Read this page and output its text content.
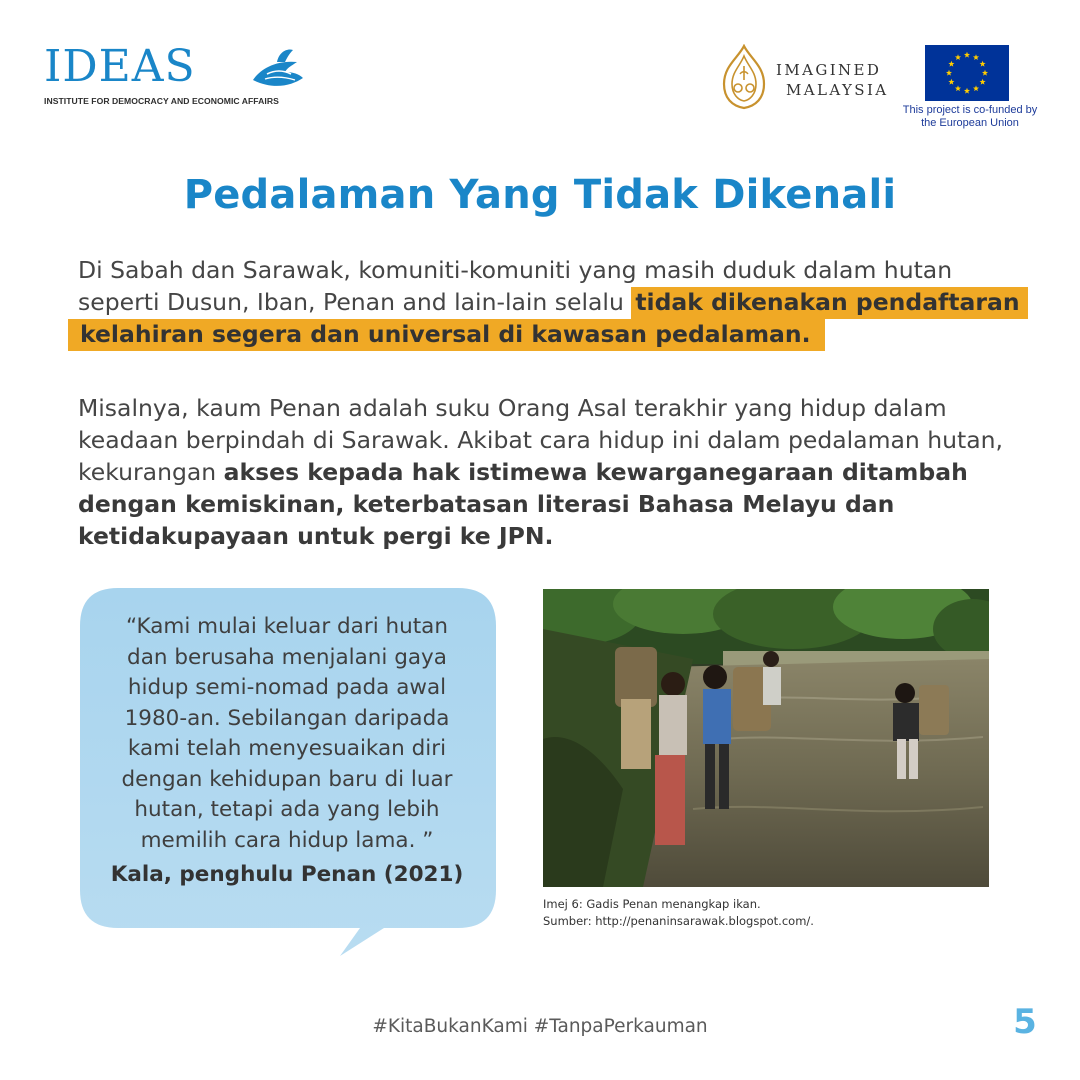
IDEAS
INSTITUTE FOR DEMOCRACY AND ECONOMIC AFFAIRS
IMAGINED
MALAYSIA
This project is co-funded by
the European Union
Pedalaman Yang Tidak Dikenali
Di Sabah dan Sarawak, komuniti-komuniti yang masih duduk dalam hutan
seperti Dusun, Iban, Penan and lain-lain selalu tidak dikenakan pendaftaran
kelahiran segera dan universal di kawasan pedalaman.
Misalnya, kaum Penan adalah suku Orang Asal terakhir yang hidup dalam
keadaan berpindah di Sarawak. Akibat cara hidup ini dalam pedalaman hutan,
kekurangan akses kepada hak istimewa kewarganegaraan ditambah
dengan kemiskinan, keterbatasan literasi Bahasa Melayu dan
ketidakupayaan untuk pergi ke JPN.
“Kami mulai keluar dari hutan
dan berusaha menjalani gaya
hidup semi-nomad pada awal
1980-an. Sebilangan daripada
kami telah menyesuaikan diri
dengan kehidupan baru di luar
hutan, tetapi ada yang lebih
memilih cara hidup lama. ”
Kala, penghulu Penan (2021)
Imej 6: Gadis Penan menangkap ikan.
Sumber: http://penaninsarawak.blogspot.com/.
#KitaBukanKami #TanpaPerkauman	5
